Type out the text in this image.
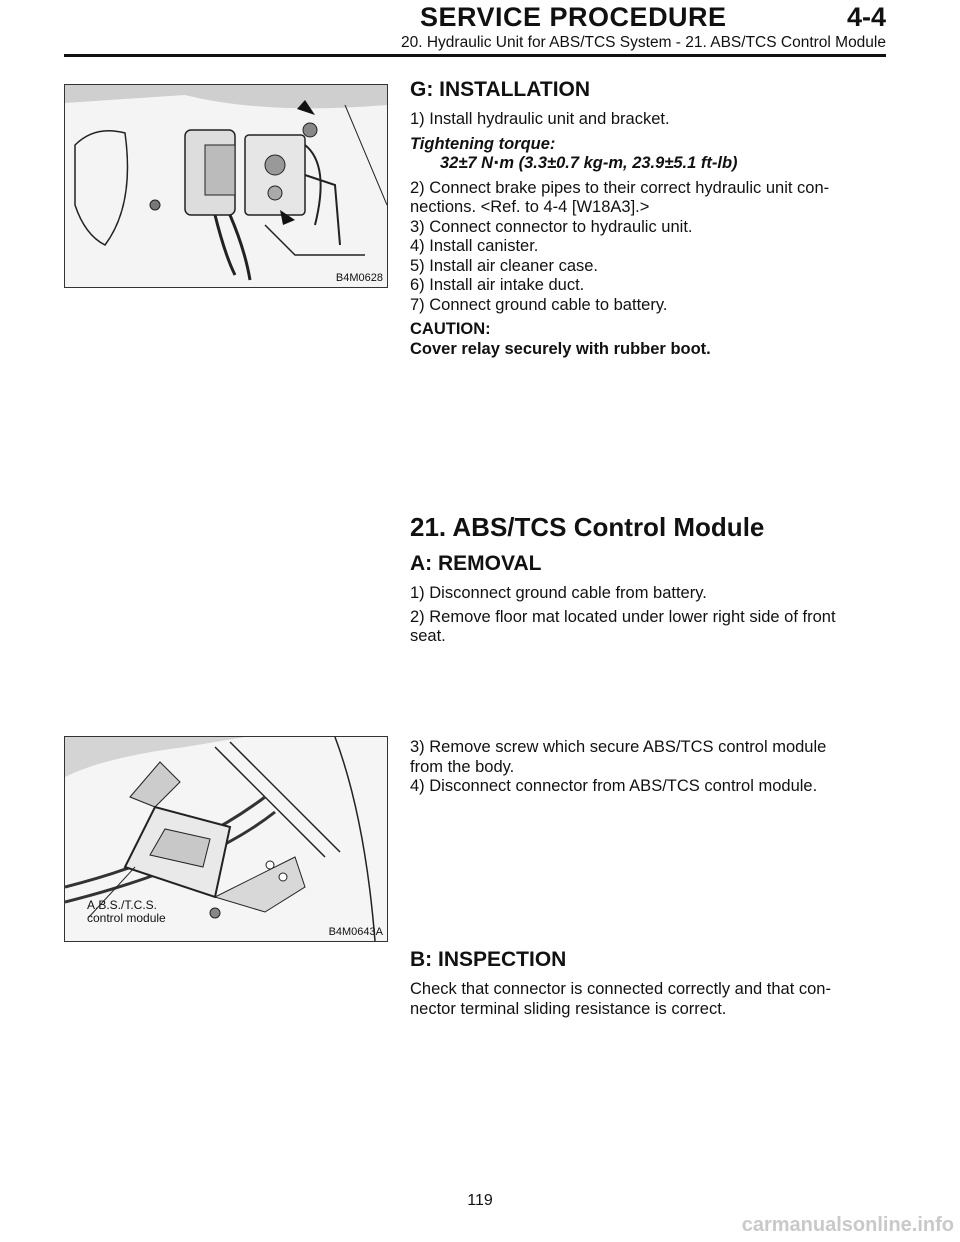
SERVICE PROCEDURE	4-4
20. Hydraulic Unit for ABS/TCS System - 21. ABS/TCS Control Module
B4M0628
A.B.S./T.C.S.
control module
B4M0643A
G: INSTALLATION
1) Install hydraulic unit and bracket.
Tightening torque:
32±7 N⋅m (3.3±0.7 kg-m, 23.9±5.1 ft-lb)
2) Connect brake pipes to their correct hydraulic unit con-
nections. <Ref. to 4-4 [W18A3].>
3) Connect connector to hydraulic unit.
4) Install canister.
5) Install air cleaner case.
6) Install air intake duct.
7) Connect ground cable to battery.
CAUTION:
Cover relay securely with rubber boot.
21. ABS/TCS Control Module
A: REMOVAL
1) Disconnect ground cable from battery.
2) Remove floor mat located under lower right side of front
seat.
3) Remove screw which secure ABS/TCS control module
from the body.
4) Disconnect connector from ABS/TCS control module.
B: INSPECTION
Check that connector is connected correctly and that con-
nector terminal sliding resistance is correct.
119
carmanualsonline.info
